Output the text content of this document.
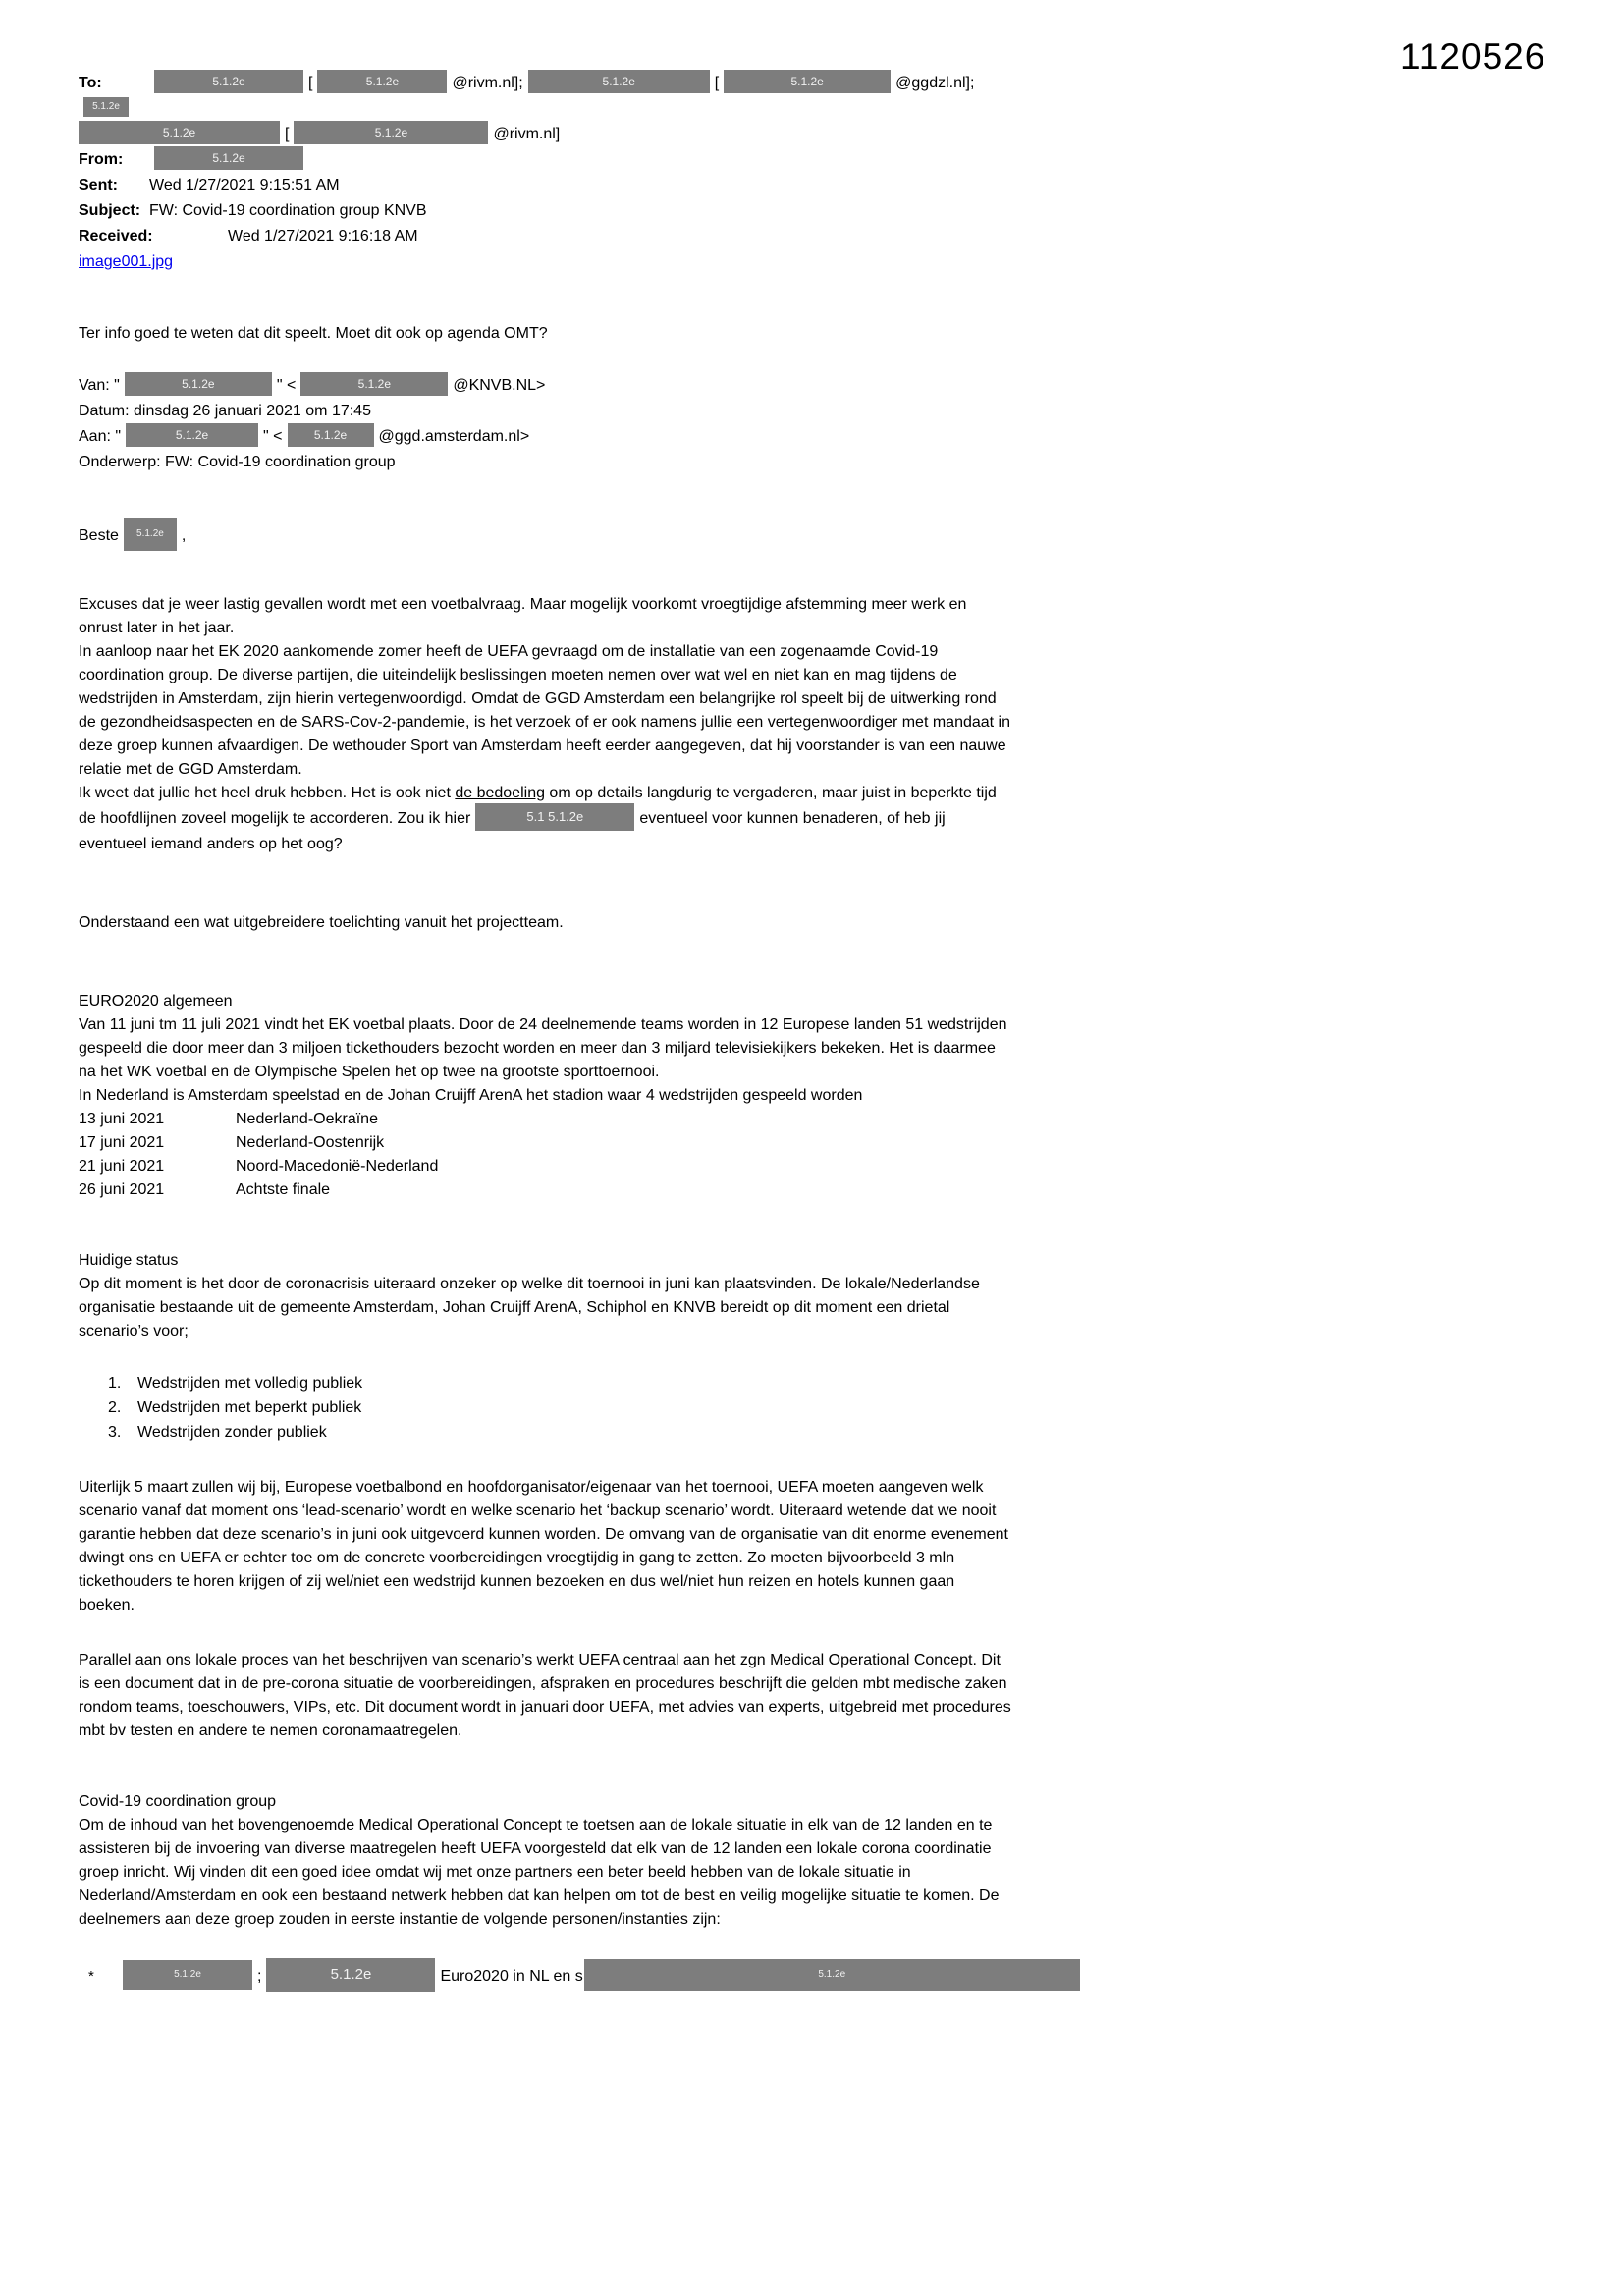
1120526
To:	5.1.2e	[	5.1.2e	@rivm.nl];	5.1.2e	[	5.1.2e	@ggdzl.nl];5.1.2e
5.1.2e	[	5.1.2e	@rivm.nl]
From:	5.1.2e
Sent: Wed 1/27/2021 9:15:51 AM
Subject: FW: Covid-19 coordination group KNVB
Received:	Wed 1/27/2021 9:16:18 AM
image001.jpg
Ter info goed te weten dat dit speelt. Moet dit ook op agenda OMT?
Van: "	5.1.2e	" <	5.1.2e	@KNVB.NL>
Datum: dinsdag 26 januari 2021 om 17:45
Aan: "	5.1.2e	" <	5.1.2e @ggd.amsterdam.nl>
Onderwerp: FW: Covid-19 coordination group
Beste 5.1.2e ,
Excuses dat je weer lastig gevallen wordt met een voetbalvraag. Maar mogelijk voorkomt vroegtijdige afstemming meer werk en onrust later in het jaar.
In aanloop naar het EK 2020 aankomende zomer heeft de UEFA gevraagd om de installatie van een zogenaamde Covid-19 coordination group. De diverse partijen, die uiteindelijk beslissingen moeten nemen over wat wel en niet kan en mag tijdens de wedstrijden in Amsterdam, zijn hierin vertegenwoordigd. Omdat de GGD Amsterdam een belangrijke rol speelt bij de uitwerking rond de gezondheidsaspecten en de SARS-Cov-2-pandemie, is het verzoek of er ook namens jullie een vertegenwoordiger met mandaat in deze groep kunnen afvaardigen. De wethouder Sport van Amsterdam heeft eerder aangegeven, dat hij voorstander is van een nauwe relatie met de GGD Amsterdam.
Ik weet dat jullie het heel druk hebben. Het is ook niet de bedoeling om op details langdurig te vergaderen, maar juist in beperkte tijd de hoofdlijnen zoveel mogelijk te accorderen. Zou ik hier	5.1 5.1.2e	eventueel voor kunnen benaderen, of heb jij eventueel iemand anders op het oog?
Onderstaand een wat uitgebreidere toelichting vanuit het projectteam.
EURO2020 algemeen
Van 11 juni tm 11 juli 2021 vindt het EK voetbal plaats. Door de 24 deelnemende teams worden in 12 Europese landen 51 wedstrijden gespeeld die door meer dan 3 miljoen tickethouders bezocht worden en meer dan 3 miljard televisiekijkers bekeken. Het is daarmee na het WK voetbal en de Olympische Spelen het op twee na grootste sporttoernooi.
In Nederland is Amsterdam speelstad en de Johan Cruijff ArenA het stadion waar 4 wedstrijden gespeeld worden
13 juni 2021	Nederland-Oekraïne
17 juni 2021	Nederland-Oostenrijk
21 juni 2021	Noord-Macedonië-Nederland
26 juni 2021	Achtste finale
Huidige status
Op dit moment is het door de coronacrisis uiteraard onzeker op welke dit toernooi in juni kan plaatsvinden. De lokale/Nederlandse organisatie bestaande uit de gemeente Amsterdam, Johan Cruijff ArenA, Schiphol en KNVB bereidt op dit moment een drietal scenario’s voor;
1. Wedstrijden met volledig publiek
2. Wedstrijden met beperkt publiek
3. Wedstrijden zonder publiek
Uiterlijk 5 maart zullen wij bij, Europese voetbalbond en hoofdorganisator/eigenaar van het toernooi, UEFA moeten aangeven welk scenario vanaf dat moment ons ‘lead-scenario’ wordt en welke scenario het ‘backup scenario’ wordt. Uiteraard wetende dat we nooit garantie hebben dat deze scenario’s in juni ook uitgevoerd kunnen worden. De omvang van de organisatie van dit enorme evenement dwingt ons en UEFA er echter toe om de concrete voorbereidingen vroegtijdig in gang te zetten. Zo moeten bijvoorbeeld 3 mln tickethouders te horen krijgen of zij wel/niet een wedstrijd kunnen bezoeken en dus wel/niet hun reizen en hotels kunnen gaan boeken.
Parallel aan ons lokale proces van het beschrijven van scenario’s werkt UEFA centraal aan het zgn Medical Operational Concept. Dit is een document dat in de pre-corona situatie de voorbereidingen, afspraken en procedures beschrijft die gelden mbt medische zaken rondom teams, toeschouwers, VIPs, etc. Dit document wordt in januari door UEFA, met advies van experts, uitgebreid met procedures mbt bv testen en andere te nemen coronamaatregelen.
Covid-19 coordination group
Om de inhoud van het bovengenoemde Medical Operational Concept te toetsen aan de lokale situatie in elk van de 12 landen en te assisteren bij de invoering van diverse maatregelen heeft UEFA voorgesteld dat elk van de 12 landen een lokale corona coordinatie groep inricht. Wij vinden dit een goed idee omdat wij met onze partners een beter beeld hebben van de lokale situatie in Nederland/Amsterdam en ook een bestaand netwerk hebben dat kan helpen om tot de best en veilig mogelijke situatie te komen. De deelnemers aan deze groep zouden in eerste instantie de volgende personen/instanties zijn:
*	5.1.2e	;	5.1.2e	Euro2020 in NL en s	5.1.2e
